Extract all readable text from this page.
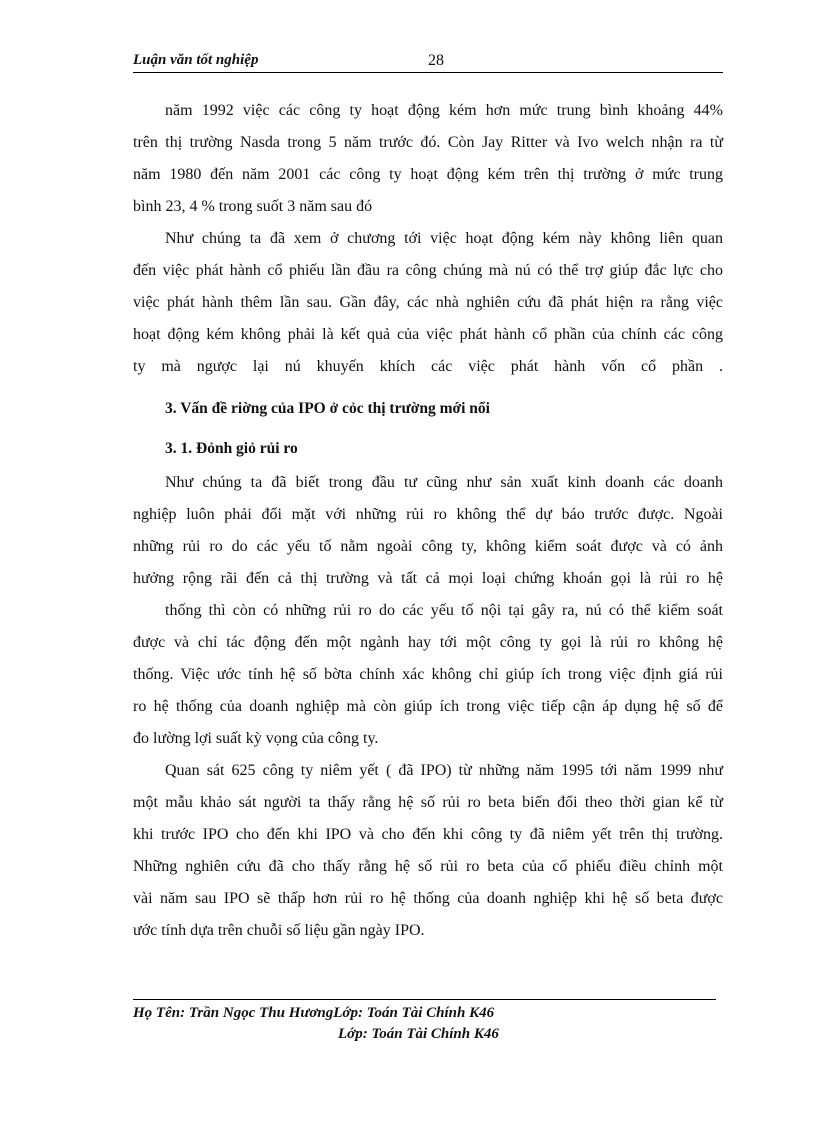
Luận văn tốt nghiệp	28
năm 1992 việc các công ty hoạt động kém hơn mức trung bình khoảng 44%
trên thị trường Nasda trong 5 năm trước đó. Còn Jay Ritter và Ivo welch nhận ra từ
năm 1980 đến năm 2001 các công ty hoạt động kém trên thị trường ở mức trung
bình 23, 4 % trong suốt 3 năm sau đó
Như chúng ta đã xem ở chương tới việc hoạt động kém này không liên quan
đến việc phát hành cổ phiếu lần đầu ra công chúng mà nú có thể trợ giúp đắc lực cho
việc phát hành thêm lần sau. Gần đây, các nhà nghiên cứu đã phát hiện ra rằng việc
hoạt động kém không phải là kết quả của việc phát hành cổ phần của chính các công
ty mà ngược lại nú khuyến khích các việc phát hành vốn cổ phần .
3. Vấn đề riờng của IPO ở cỏc thị trường mới nổi
3. 1. Đỏnh giỏ rủi ro
Như chúng ta đã biết trong đầu tư cũng như sản xuất kinh doanh các doanh
nghiệp luôn phải đối mặt với những rủi ro không thể dự báo trước được. Ngoài
những rủi ro do các yếu tố nằm ngoài công ty, không kiểm soát được và có ảnh
hưởng rộng rãi đến cả thị trường và tất cả mọi loại chứng khoán gọi là rủi ro hệ
thống thì còn có những rủi ro do các yếu tố nội tại gây ra, nú có thể kiểm soát
được và chỉ tác động đến một ngành hay tới một công ty gọi là rủi ro không hệ
thống. Việc ước tính hệ số bờta chính xác không chỉ giúp ích trong việc định giá rủi
ro hệ thống của doanh nghiệp mà còn giúp ích trong việc tiếp cận áp dụng hệ số để
đo lường lợi suất kỳ vọng của công ty.
Quan sát 625 công ty niêm yết ( đã IPO) từ những năm 1995 tới năm 1999 như
một mẫu khảo sát người ta thấy rằng hệ số rủi ro beta biến đổi theo thời gian kể từ
khi trước IPO cho đến khi IPO và cho đến khi công ty đã niêm yết trên thị trường.
Những nghiên cứu đã cho thấy rằng hệ số rủi ro beta của cổ phiếu điều chỉnh một
vài năm sau IPO sẽ thấp hơn rủi ro hệ thống của doanh nghiệp khi hệ số beta được
ước tính dựa trên chuỗi số liệu gần ngày IPO.
Họ Tên: Trần Ngọc Thu HươngLớp: Toán Tài Chính K46
Lớp: Toán Tài Chính K46
